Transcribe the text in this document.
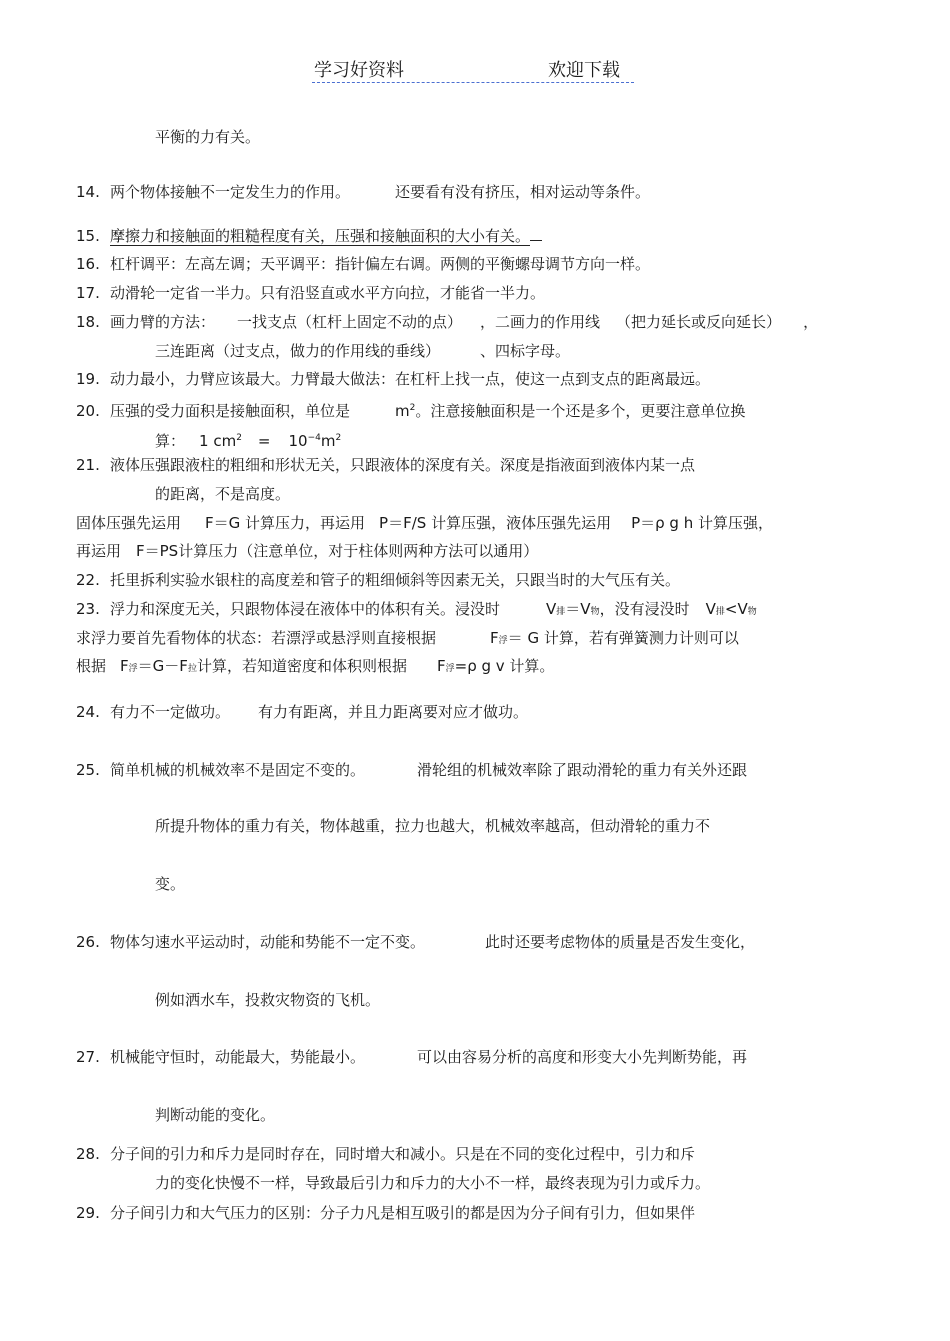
学习好资料	欢迎下载
平衡的力有关。
14. 两个物体接触不一定发生力的作用。	还要看有没有挤压，相对运动等条件。
15. 摩擦力和接触面的粗糙程度有关，压强和接触面积的大小有关。
16. 杠杆调平：左高左调；天平调平：指针偏左右调。两侧的平衡螺母调节方向一样。
17. 动滑轮一定省一半力。只有沿竖直或水平方向拉，才能省一半力。
18. 画力臂的方法： 一找支点（杠杆上固定不动的点） ，二画力的作用线 （把力延长或反向延长） ，
三连距离（过支点，做力的作用线的垂线）	、四标字母。
19. 动力最小，力臂应该最大。力臂最大做法：在杠杆上找一点，使这一点到支点的距离最远。
20. 压强的受力面积是接触面积，单位是	$m^2$。注意接触面积是一个还是多个，更要注意单位换
算： 1 $cm^2 = 10^{-4}m^2$
21. 液体压强跟液柱的粗细和形状无关，只跟液体的深度有关。深度是指液面到液体内某一点
的距离，不是高度。
固体压强先运用 F＝G 计算压力，再运用 P＝F/S 计算压强，液体压强先运用 P＝ρ g h 计算压强，
再运用　F＝PS计算压力（注意单位，对于柱体则两种方法可以通用）
22. 托里拆利实验水银柱的高度差和管子的粗细倾斜等因素无关，只跟当时的大气压有关。
23. 浮力和深度无关，只跟物体浸在液体中的体积有关。浸没时	V排＝V物，没有浸没时 V排<V物
求浮力要首先看物体的状态：若漂浮或悬浮则直接根据	F浮＝ G 计算，若有弹簧测力计则可以
根据 F浮＝G－F拉计算，若知道密度和体积则根据 F浮=ρ g v 计算。
24. 有力不一定做功。 有力有距离，并且力距离要对应才做功。
25. 简单机械的机械效率不是固定不变的。	滑轮组的机械效率除了跟动滑轮的重力有关外还跟
所提升物体的重力有关，物体越重，拉力也越大，机械效率越高，但动滑轮的重力不
变。
26. 物体匀速水平运动时，动能和势能不一定不变。	此时还要考虑物体的质量是否发生变化，
例如洒水车，投救灾物资的飞机。
27. 机械能守恒时，动能最大，势能最小。	可以由容易分析的高度和形变大小先判断势能，再
判断动能的变化。
28. 分子间的引力和斥力是同时存在，同时增大和减小。只是在不同的变化过程中，引力和斥
力的变化快慢不一样，导致最后引力和斥力的大小不一样，最终表现为引力或斥力。
29. 分子间引力和大气压力的区别：分子力凡是相互吸引的都是因为分子间有引力，但如果伴
